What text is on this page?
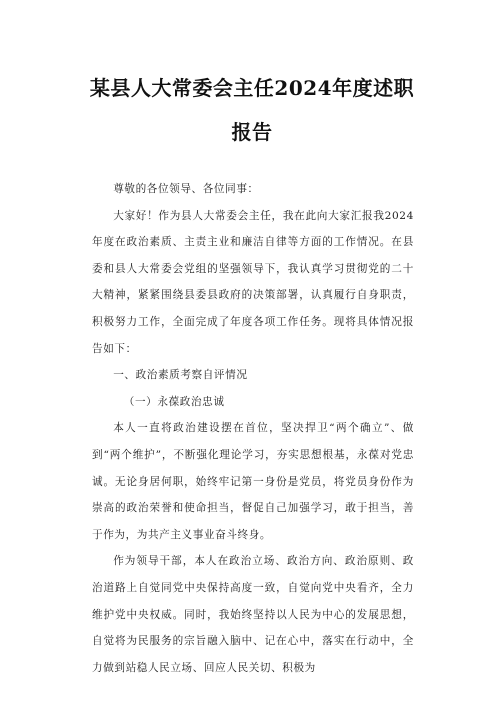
某县人大常委会主任2024年度述职报告

尊敬的各位领导、各位同事：

大家好！作为县人大常委会主任，我在此向大家汇报我2024年度在政治素质、主责主业和廉洁自律等方面的工作情况。在县委和县人大常委会党组的坚强领导下，我认真学习贯彻党的二十大精神，紧紧围绕县委县政府的决策部署，认真履行自身职责，积极努力工作，全面完成了年度各项工作任务。现将具体情况报告如下：

一、政治素质考察自评情况

（一）永葆政治忠诚

本人一直将政治建设摆在首位，坚决捍卫“两个确立”、做到“两个维护”，不断强化理论学习，夯实思想根基，永葆对党忠诚。无论身居何职，始终牢记第一身份是党员，将党员身份作为崇高的政治荣誉和使命担当，督促自己加强学习，敢于担当，善于作为，为共产主义事业奋斗终身。

作为领导干部，本人在政治立场、政治方向、政治原则、政治道路上自觉同党中央保持高度一致，自觉向党中央看齐，全力维护党中央权威。同时，我始终坚持以人民为中心的发展思想，自觉将为民服务的宗旨融入脑中、记在心中，落实在行动中，全力做到站稳人民立场、回应人民关切、积极为
